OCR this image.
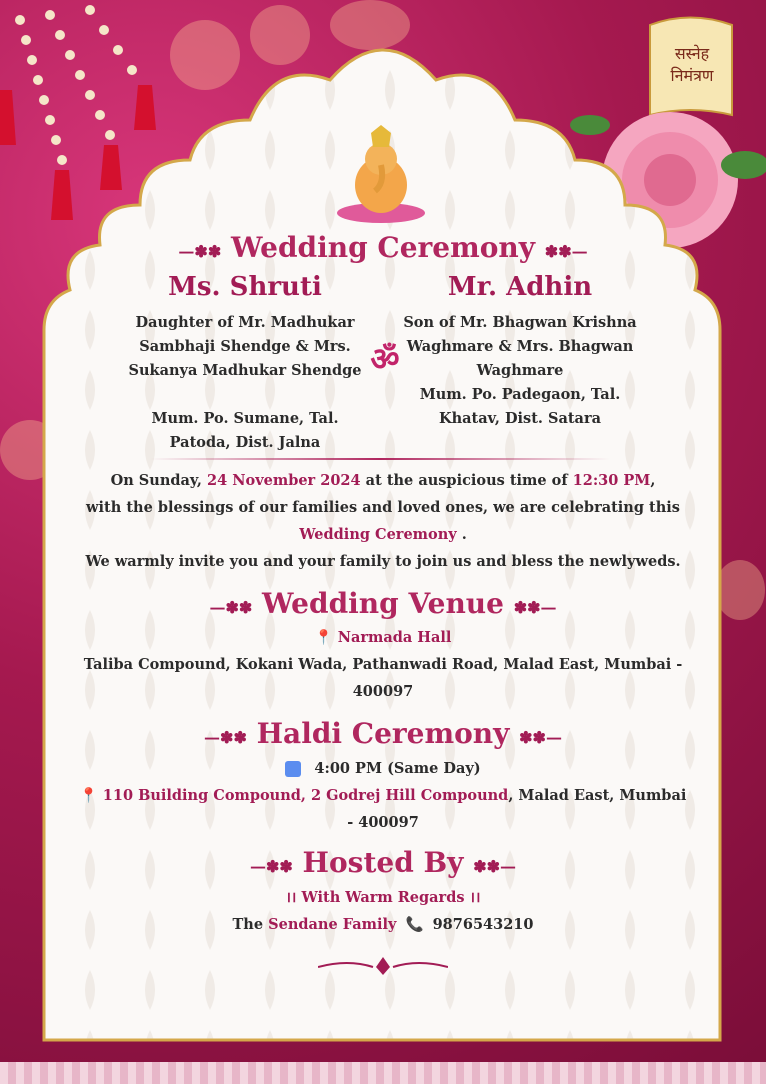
सस्नेह निमंत्रण
—✽✽ Wedding Ceremony ✽✽—
Ms. Shruti
Daughter of Mr. Madhukar
Sambhaji Shendge & Mrs.
Sukanya Madhukar Shendge
Mum. Po. Sumane, Tal.
Patoda, Dist. Jalna
ॐ
Mr. Adhin
Son of Mr. Bhagwan Krishna
Waghmare & Mrs. Bhagwan
Waghmare
Mum. Po. Padegaon, Tal.
Khatav, Dist. Satara
On Sunday, 24 November 2024 at the auspicious time of 12:30 PM,
with the blessings of our families and loved ones, we are celebrating this
Wedding Ceremony .
We warmly invite you and your family to join us and bless the newlyweds.
—✽✽ Wedding Venue ✽✽—
📍 Narmada Hall
Taliba Compound, Kokani Wada, Pathanwadi Road, Malad East, Mumbai -
400097
—✽✽ Haldi Ceremony ✽✽—
4:00 PM (Same Day)
📍 110 Building Compound, 2 Godrej Hill Compound, Malad East, Mumbai
- 400097
—✽✽ Hosted By ✽✽—
।। With Warm Regards ।।
The Sendane Family 📞 9876543210
